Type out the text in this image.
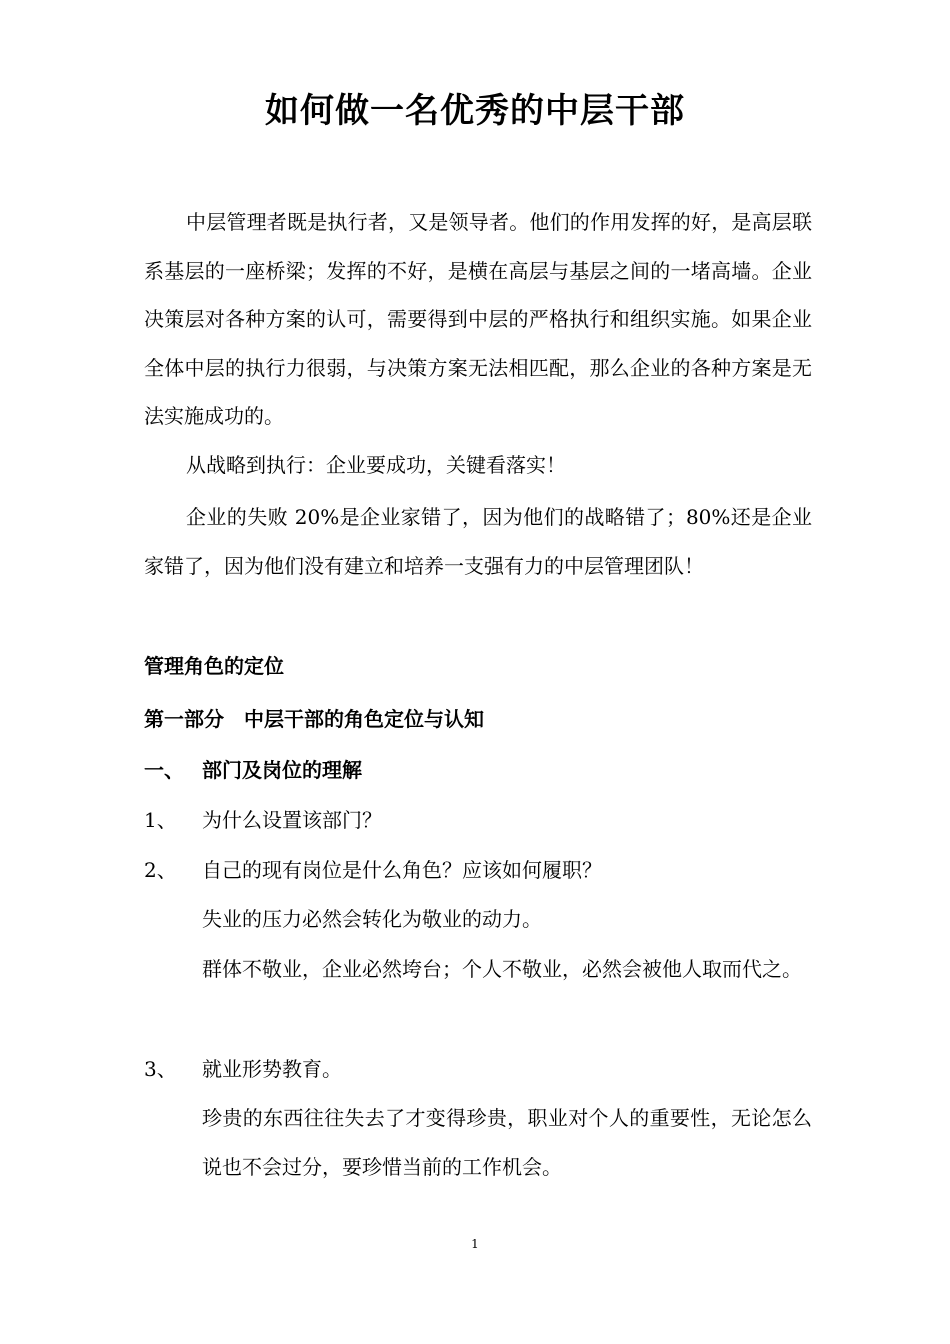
如何做一名优秀的中层干部

中层管理者既是执行者，又是领导者。他们的作用发挥的好，是高层联系基层的一座桥梁；发挥的不好，是横在高层与基层之间的一堵高墙。企业决策层对各种方案的认可，需要得到中层的严格执行和组织实施。如果企业全体中层的执行力很弱，与决策方案无法相匹配，那么企业的各种方案是无法实施成功的。

从战略到执行：企业要成功，关键看落实！

企业的失败 20%是企业家错了，因为他们的战略错了；80%还是企业家错了，因为他们没有建立和培养一支强有力的中层管理团队！

管理角色的定位
第一部分　中层干部的角色定位与认知
一、 部门及岗位的理解
1、 为什么设置该部门？
2、 自己的现有岗位是什么角色？应该如何履职？

失业的压力必然会转化为敬业的动力。

群体不敬业，企业必然垮台；个人不敬业，必然会被他人取而代之。

3、 就业形势教育。

珍贵的东西往往失去了才变得珍贵，职业对个人的重要性，无论怎么说也不会过分，要珍惜当前的工作机会。

1
